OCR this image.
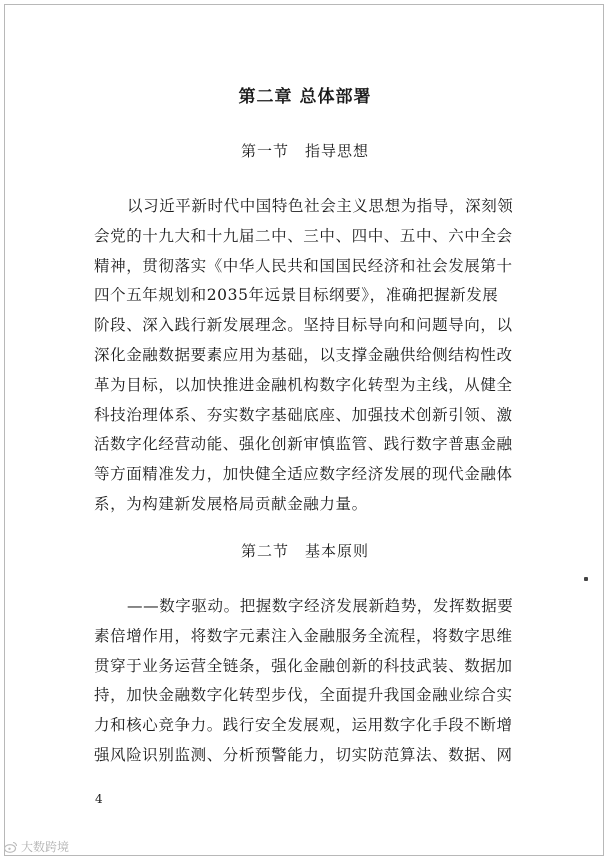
第二章 总体部署
第一节 指导思想
以习近平新时代中国特色社会主义思想为指导，深刻领
会党的十九大和十九届二中、三中、四中、五中、六中全会
精神，贯彻落实《中华人民共和国国民经济和社会发展第十
四个五年规划和2035年远景目标纲要》，准确把握新发展
阶段、深入践行新发展理念。坚持目标导向和问题导向，以
深化金融数据要素应用为基础，以支撑金融供给侧结构性改
革为目标，以加快推进金融机构数字化转型为主线，从健全
科技治理体系、夯实数字基础底座、加强技术创新引领、激
活数字化经营动能、强化创新审慎监管、践行数字普惠金融
等方面精准发力，加快健全适应数字经济发展的现代金融体
系，为构建新发展格局贡献金融力量。
第二节 基本原则
——数字驱动。把握数字经济发展新趋势，发挥数据要
素倍增作用，将数字元素注入金融服务全流程，将数字思维
贯穿于业务运营全链条，强化金融创新的科技武装、数据加
持，加快金融数字化转型步伐，全面提升我国金融业综合实
力和核心竞争力。践行安全发展观，运用数字化手段不断增
强风险识别监测、分析预警能力，切实防范算法、数据、网
4
大数跨境
